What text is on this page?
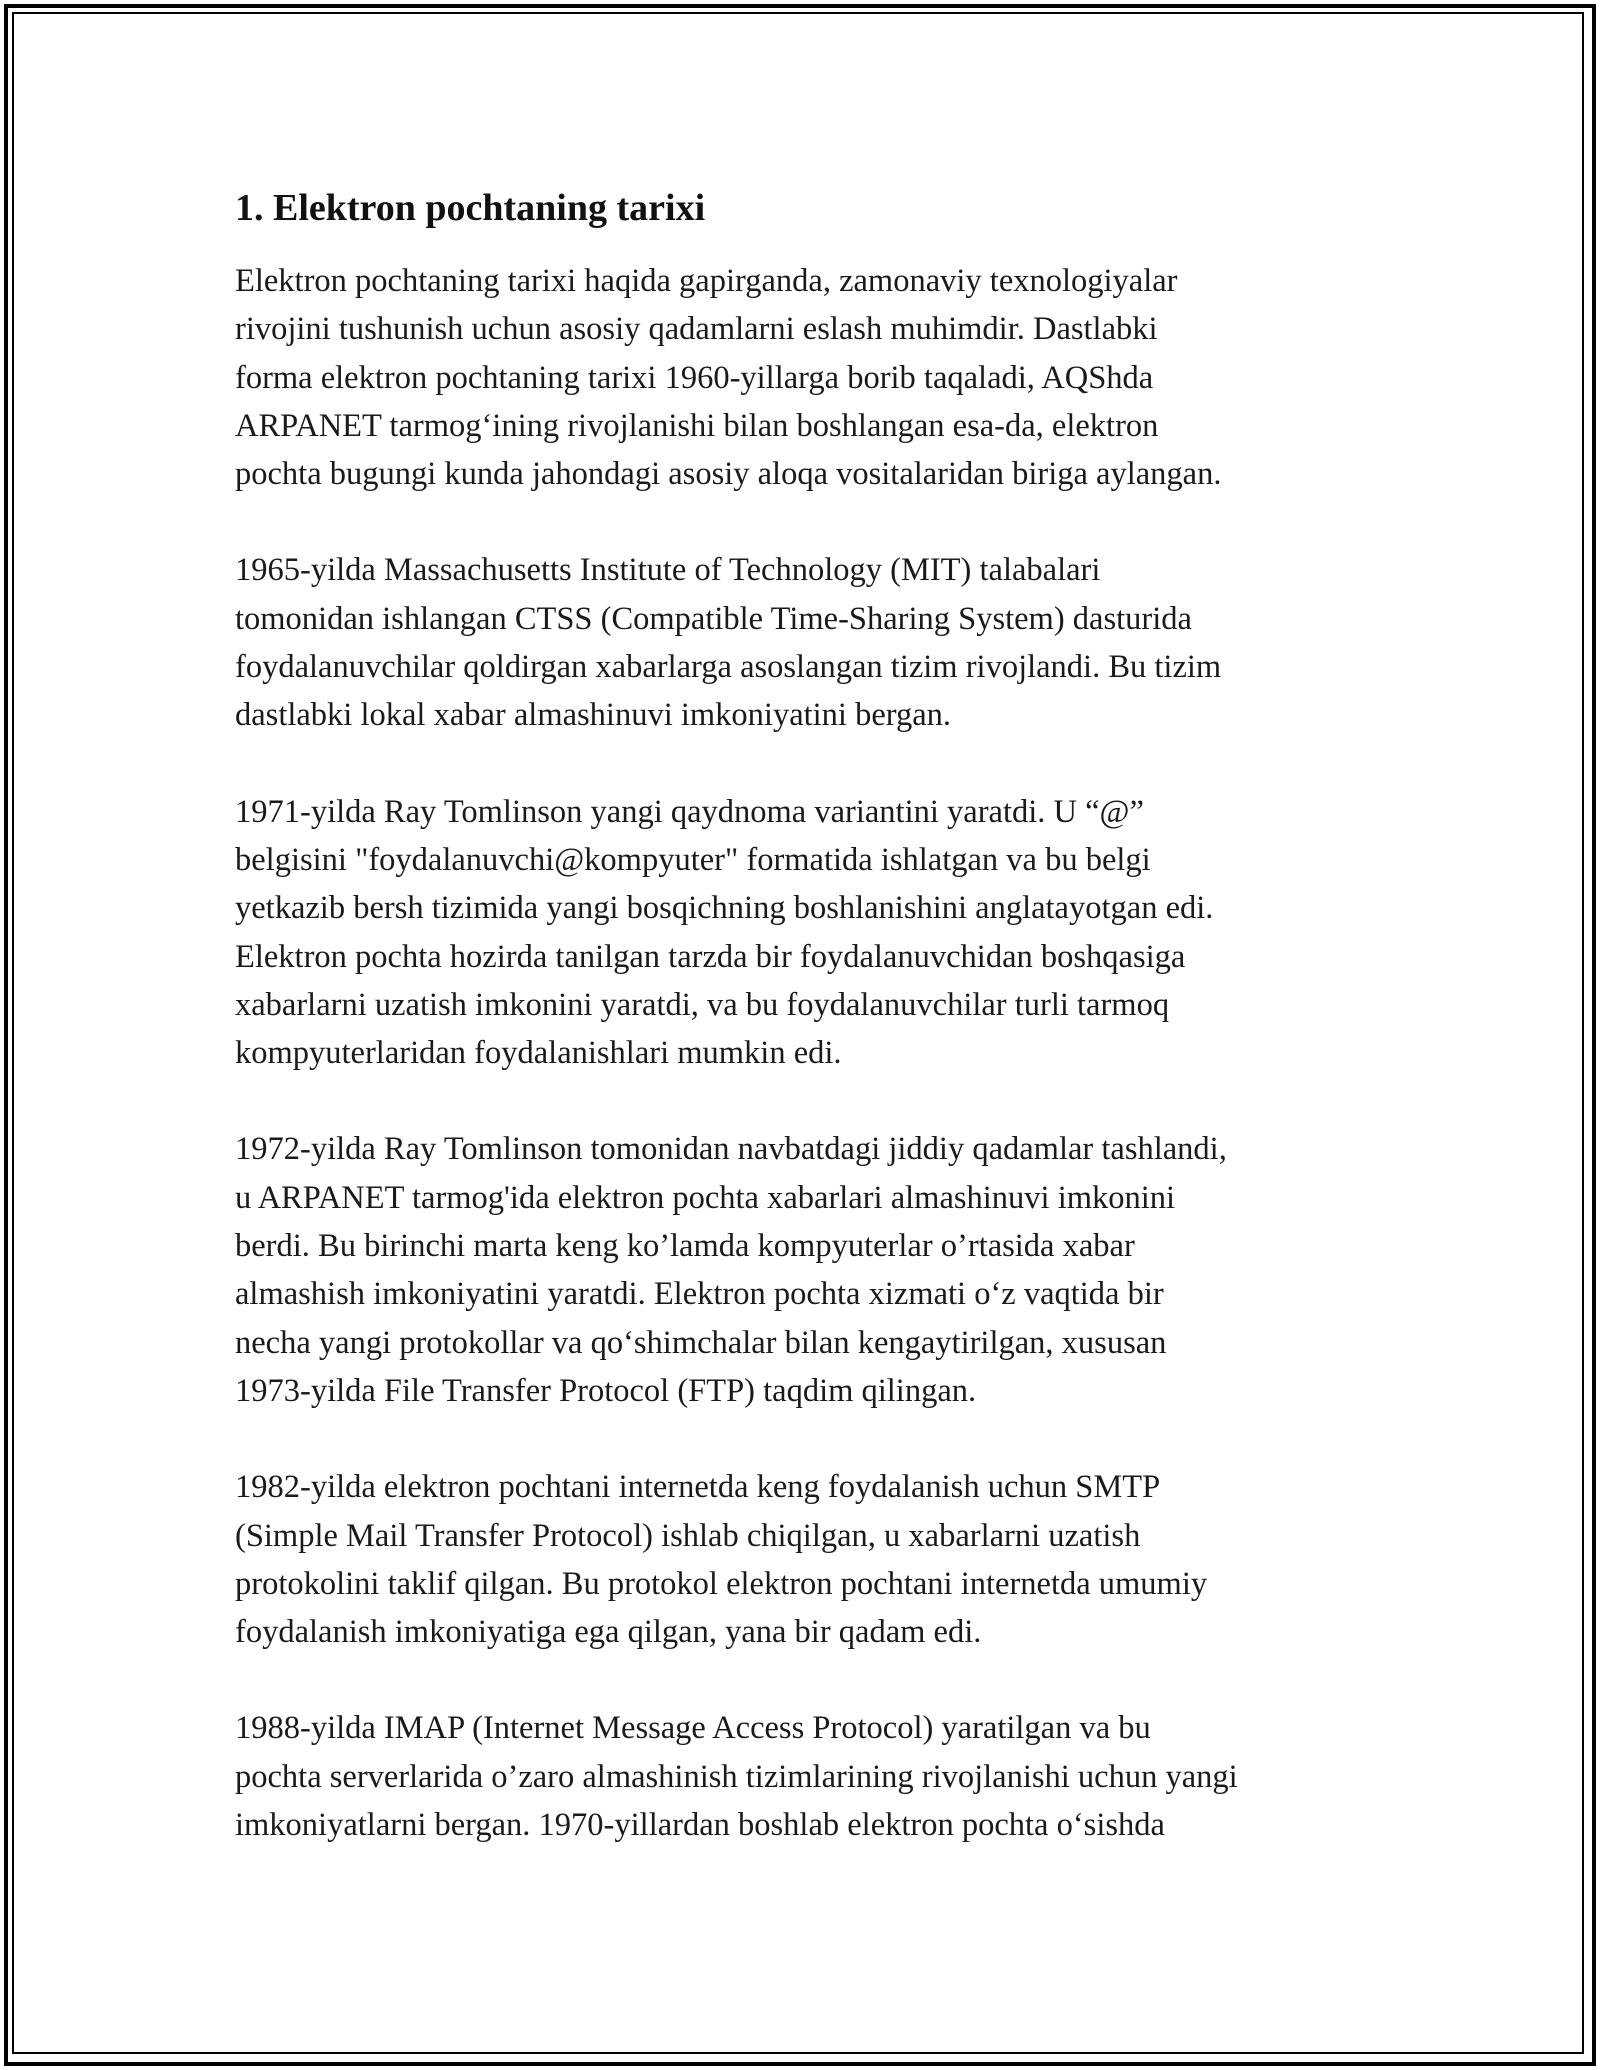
1. Elektron pochtaning tarixi

Elektron pochtaning tarixi haqida gapirganda, zamonaviy texnologiyalar
rivojini tushunish uchun asosiy qadamlarni eslash muhimdir. Dastlabki
forma elektron pochtaning tarixi 1960-yillarga borib taqaladi, AQShda
ARPANET tarmog‘ining rivojlanishi bilan boshlangan esa-da, elektron
pochta bugungi kunda jahondagi asosiy aloqa vositalaridan biriga aylangan.

1965-yilda Massachusetts Institute of Technology (MIT) talabalari
tomonidan ishlangan CTSS (Compatible Time-Sharing System) dasturida
foydalanuvchilar qoldirgan xabarlarga asoslangan tizim rivojlandi. Bu tizim
dastlabki lokal xabar almashinuvi imkoniyatini bergan.

1971-yilda Ray Tomlinson yangi qaydnoma variantini yaratdi. U “@”
belgisini "foydalanuvchi@kompyuter" formatida ishlatgan va bu belgi
yetkazib bersh tizimida yangi bosqichning boshlanishini anglatayotgan edi.
Elektron pochta hozirda tanilgan tarzda bir foydalanuvchidan boshqasiga
xabarlarni uzatish imkonini yaratdi, va bu foydalanuvchilar turli tarmoq
kompyuterlaridan foydalanishlari mumkin edi.

1972-yilda Ray Tomlinson tomonidan navbatdagi jiddiy qadamlar tashlandi,
u ARPANET tarmog'ida elektron pochta xabarlari almashinuvi imkonini
berdi. Bu birinchi marta keng ko’lamda kompyuterlar o’rtasida xabar
almashish imkoniyatini yaratdi. Elektron pochta xizmati o‘z vaqtida bir
necha yangi protokollar va qo‘shimchalar bilan kengaytirilgan, xususan
1973-yilda File Transfer Protocol (FTP) taqdim qilingan.

1982-yilda elektron pochtani internetda keng foydalanish uchun SMTP
(Simple Mail Transfer Protocol) ishlab chiqilgan, u xabarlarni uzatish
protokolini taklif qilgan. Bu protokol elektron pochtani internetda umumiy
foydalanish imkoniyatiga ega qilgan, yana bir qadam edi.

1988-yilda IMAP (Internet Message Access Protocol) yaratilgan va bu
pochta serverlarida o’zaro almashinish tizimlarining rivojlanishi uchun yangi
imkoniyatlarni bergan. 1970-yillardan boshlab elektron pochta o‘sishda
